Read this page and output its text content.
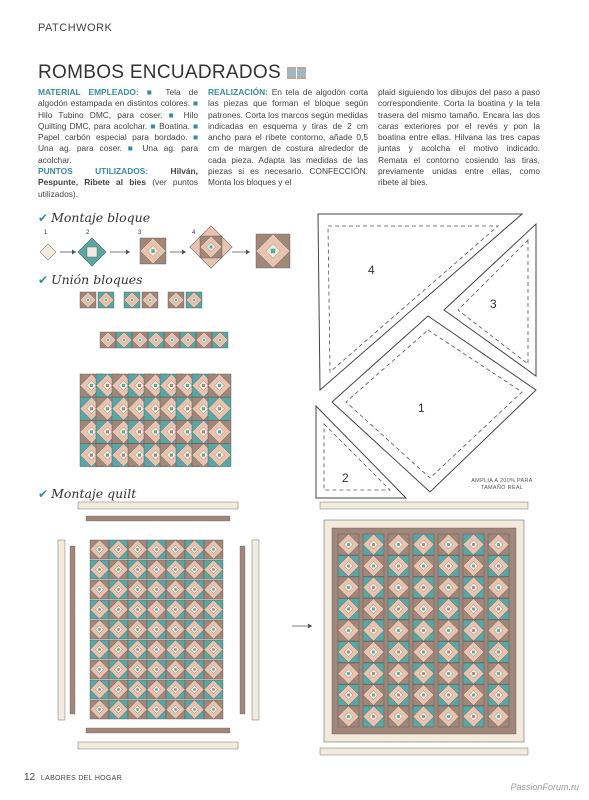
PATCHWORK
ROMBOS ENCUADRADOS
MATERIAL EMPLEADO: ■ Tela de algodón estampada en distintos colores. ■ Hilo Tubino DMC, para coser. ■ Hilo Quilting DMC, para acolchar. ■ Boatina. ■ Papel carbón especial para bordado. ■ Una ag. para coser. ■ Una ag. para acolchar.
PUNTOS UTILIZADOS:	Hilván, Pespunte, Ribete al bies (ver puntos utilizados).
REALIZACIÓN: En tela de algodón corta las piezas que forman el bloque según patrones. Corta los marcos según medidas indicadas en esquema y tiras de 2 cm ancho para el ribete contorno, añade 0,5 cm de margen de costura alrededor de cada pieza. Adapta las medidas de las piezas si es necesario. CONFECCIÓN: Monta los bloques y el
plaid siguiendo los dibujos del paso a paso correspondiente. Corta la boatina y la tela trasera del mismo tamaño. Encara las dos caras exteriores por el revés y pon la boatina entre ellas. Hilvana las tres capas juntas y acolcha el motivo indicado. Remata el contorno cosiendo las tiras, previamente unidas entre ellas, como ribete al bies.
✔ Montaje bloque
✔ Unión bloques
✔ Montaje quilt
1	2	3	4
4
3
1
2	AMPLIA A 200% PARA TAMAÑO REAL
12 LABORES DEL HOGAR
PassionForum.ru
